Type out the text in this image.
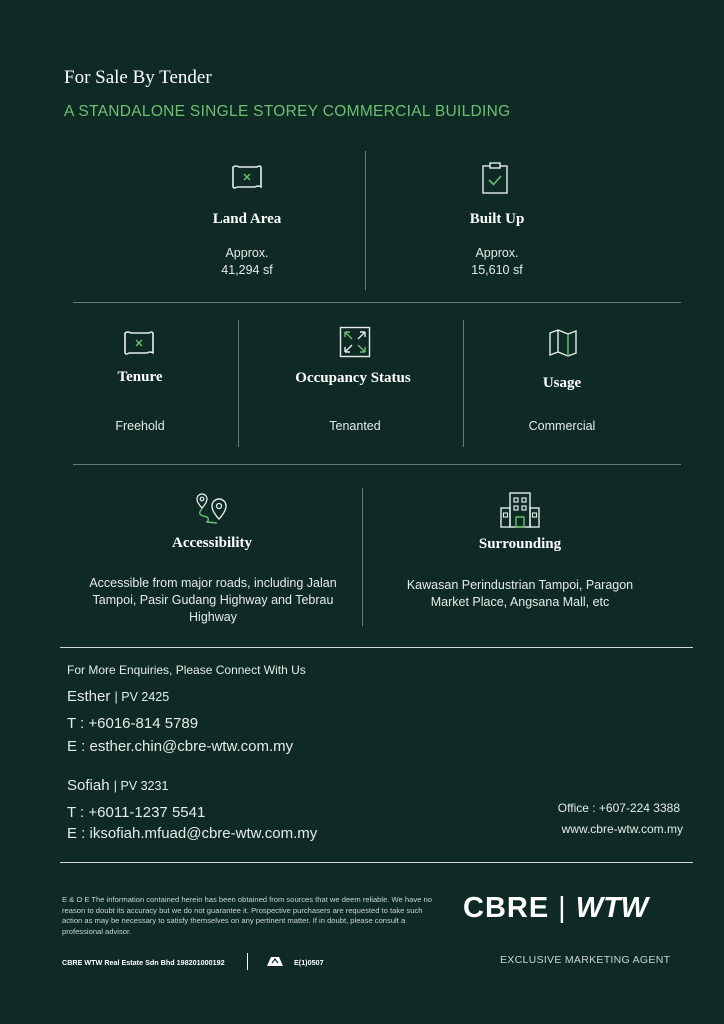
For Sale By Tender
A STANDALONE SINGLE STOREY COMMERCIAL BUILDING
Land Area
Approx.
41,294 sf
Built Up
Approx.
15,610 sf
Tenure
Freehold
Occupancy Status
Tenanted
Usage
Commercial
Accessibility
Accessible from major roads, including Jalan Tampoi, Pasir Gudang Highway and Tebrau Highway
Surrounding
Kawasan Perindustrian Tampoi, Paragon Market Place, Angsana Mall, etc
For More Enquiries, Please Connect With Us
Esther | PV 2425
T : +6016-814 5789
E : esther.chin@cbre-wtw.com.my
Sofiah | PV 3231
T : +6011-1237 5541
E : iksofiah.mfuad@cbre-wtw.com.my
Office : +607-224 3388
www.cbre-wtw.com.my
E & O E The information contained herein has been obtained from sources that we deem reliable. We have no reason to doubt its accuracy but we do not guarantee it. Prospective purchasers are requested to take such action as may be necessary to satisfy themselves on any pertinent matter. If in doubt, please consult a professional advisor.
CBRE WTW Real Estate Sdn Bhd 198201000192	E(1)0507
CBRE | WTW
EXCLUSIVE MARKETING AGENT
